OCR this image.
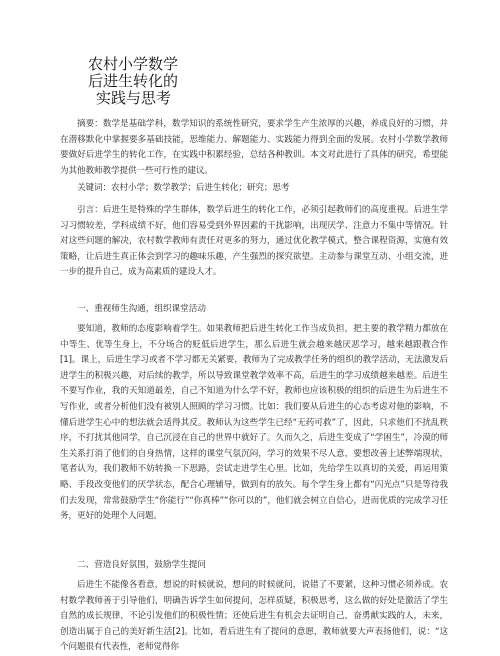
农村小学数学
后进生转化的
实践与思考

摘要：数学是基础学科，数学知识的系统性研究，要求学生产生浓厚的兴趣，养成良好的习惯，并在潜移默化中掌握要多基础技能，思维能力、解题能力、实践能力得到全面的发展。农村小学数学教师要做好后进学生的转化工作，在实践中积累经验，总结各种教训。本文对此进行了具体的研究，希望能为其他教师教学提供一些可行性的建议。

关键词：农村小学；数学教学；后进生转化；研究；思考

引言：后进生是特殊的学生群体，数学后进生的转化工作，必须引起教师们的高度重视。后进生学习习惯较差，学科成绩不好，他们容易受到外界因素的干扰影响，出现厌学、注意力不集中等情况。针对这些问题的解决，农村数学教师有责任对更多的努力，通过优化教学模式，整合课程资源，实施有效策略，让后进生真正体会到学习的趣味乐趣，产生强烈的探究欲望。主动参与课堂互动、小组交流，进一步的提升自己，成为高素质的建设人才。

一、重视师生沟通，组织课堂活动

要知道，教师的态度影响着学生。如果教师把后进生转化工作当成负担，把主要的教学精力都放在中等生、优等生身上，不分场合的贬低后进学生，那么后进生就会越来越厌恶学习，越来越跟教合作[1]。课上，后进生学习或者不学习都无关紧要，教师为了完成教学任务的组织的教学活动，无法激发后进学生的积极兴趣，对后续的教学，所以导致课堂教学效率不高，后进生的学习成绩越来越差。后进生不要写作业，我的天知道最差，自己不知道为什么学不好，教师也应该积极的组织的后进生为后进生不写作业，或者分析他们没有被别人照顾的学习习惯。比如：我们要从后进生的心态考虑对他的影响，不懂后进学生心中的想法就会适得其反。教师认为这些学生已经“无药可救”了，因此，只求他们不扰乱秩序，不打扰其他同学，自己沉浸在自己的世界中就好了。久而久之，后进生变成了“学困生”，冷漠的师生关系打消了他们的自身热情，这样的课堂气氛沉闷，学习的效果不尽人意，要想改善上述弊端现状，笔者认为，我们教师不妨转换一下思路，尝试走进学生心里。比如，先给学生以真切的关爱，再运用策略、手段改变他们的厌学状态，配合心理辅导，做到有的放矢。每个学生身上都有“闪光点”只是等待我们去发现，常常鼓励学生“你能行”“你真棒”“你可以的”，他们就会树立自信心，进而优质的完成学习任务，更好的处理个人问题。

二、营造良好氛围，鼓励学生提问

后进生不能像各看意，想说的时候就说，想问的时候就问，说错了不要紧，这种习惯必须养成。农村数学教师善于引导他们，明确告诉学生如何提问，怎样质疑，积极思考，这么做的好处是激活了学生自然的成长规律，不论引发他们的积极性情；还使后进生有机会去证明自己，奋勇献实践的人，未来，创造出属于自己的美好新生活[2]。比如，看后进生有了提问的意愿，教师就要大声表扬他们，说：“这个问题很有代表性，老师觉得你
